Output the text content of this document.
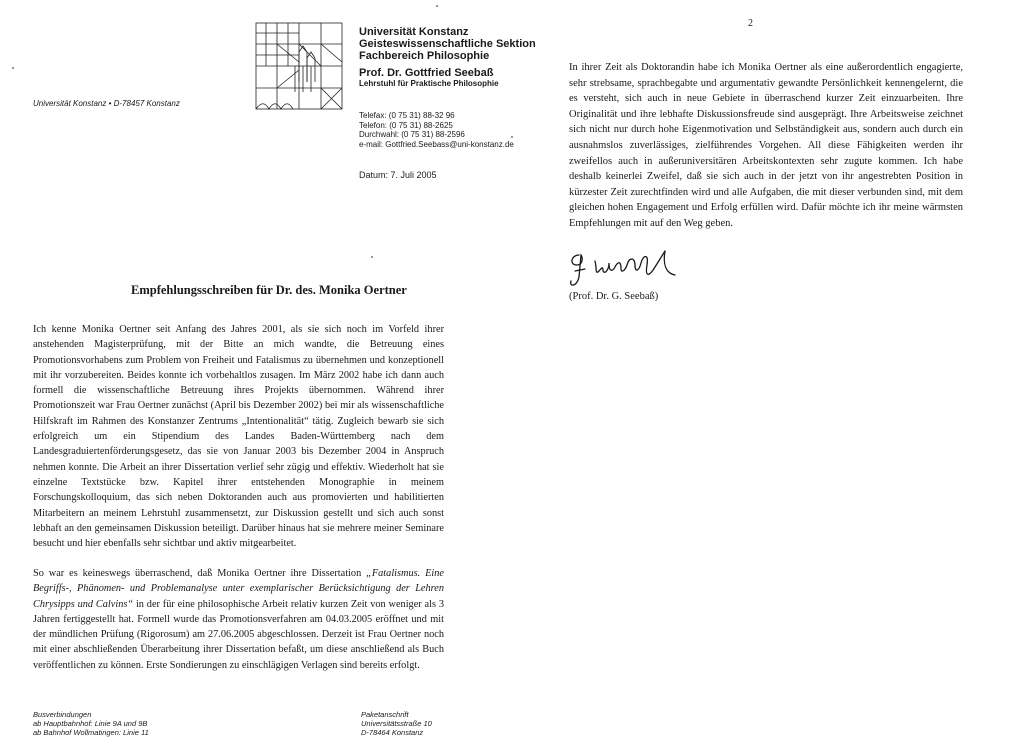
Universität Konstanz • D-78457 Konstanz
Universität Konstanz
Geisteswissenschaftliche Sektion
Fachbereich Philosophie
Prof. Dr. Gottfried Seebaß
Lehrstuhl für Praktische Philosophie
Telefax: (0 75 31) 88-32 96
Telefon: (0 75 31) 88-2625
Durchwahl: (0 75 31) 88-2596
e-mail: Gottfried.Seebass@uni-konstanz.de
Datum: 7. Juli 2005
Empfehlungsschreiben für Dr. des. Monika Oertner
Ich kenne Monika Oertner seit Anfang des Jahres 2001, als sie sich noch im Vorfeld ihrer anstehenden Magisterprüfung, mit der Bitte an mich wandte, die Betreuung eines Promotionsvorhabens zum Problem von Freiheit und Fatalismus zu übernehmen und konzeptionell mit ihr vorzubereiten. Beides konnte ich vorbehaltlos zusagen. Im März 2002 habe ich dann auch formell die wissenschaftliche Betreuung ihres Projekts übernommen. Während ihrer Promotionszeit war Frau Oertner zunächst (April bis Dezember 2002) bei mir als wissenschaftliche Hilfskraft im Rahmen des Konstanzer Zentrums „Intentionalität“ tätig. Zugleich bewarb sie sich erfolgreich um ein Stipendium des Landes Baden-Württemberg nach dem Landesgraduiertenförderungsgesetz, das sie von Januar 2003 bis Dezember 2004 in Anspruch nehmen konnte. Die Arbeit an ihrer Dissertation verlief sehr zügig und effektiv. Wiederholt hat sie einzelne Textstücke bzw. Kapitel ihrer entstehenden Monographie in meinem Forschungskolloquium, das sich neben Doktoranden auch aus promovierten und habilitierten Mitarbeitern an meinem Lehrstuhl zusammensetzt, zur Diskussion gestellt und sich auch sonst lebhaft an den gemeinsamen Diskussion beteiligt. Darüber hinaus hat sie mehrere meiner Seminare besucht und hier ebenfalls sehr sichtbar und aktiv mitgearbeitet.
So war es keineswegs überraschend, daß Monika Oertner ihre Dissertation „Fatalismus. Eine Begriffs-, Phänomen- und Problemanalyse unter exemplarischer Berücksichtigung der Lehren Chrysipps und Calvins“ in der für eine philosophische Arbeit relativ kurzen Zeit von weniger als 3 Jahren fertiggestellt hat. Formell wurde das Promotionsverfahren am 04.03.2005 eröffnet und mit der mündlichen Prüfung (Rigorosum) am 27.06.2005 abgeschlossen. Derzeit ist Frau Oertner noch mit einer abschließenden Überarbeitung ihrer Dissertation befaßt, um diese anschließend als Buch veröffentlichen zu können. Erste Sondierungen zu einschlägigen Verlagen sind bereits erfolgt.
Busverbindungen
ab Hauptbahnhof: Linie 9A und 9B
ab Bahnhof Wollmatingen: Linie 11
Paketanschrift
Universitätsstraße 10
D-78464 Konstanz
2
In ihrer Zeit als Doktorandin habe ich Monika Oertner als eine außerordentlich engagierte, sehr strebsame, sprachbegabte und argumentativ gewandte Persönlichkeit kennengelernt, die es versteht, sich auch in neue Gebiete in überraschend kurzer Zeit einzuarbeiten. Ihre Originalität und ihre lebhafte Diskussionsfreude sind ausgeprägt. Ihre Arbeitsweise zeichnet sich nicht nur durch hohe Eigenmotivation und Selbständigkeit aus, sondern auch durch ein ausnahmslos zuverlässiges, zielführendes Vorgehen. All diese Fähigkeiten werden ihr zweifellos auch in außeruniversitären Arbeitskontexten sehr zugute kommen. Ich habe deshalb keinerlei Zweifel, daß sie sich auch in der jetzt von ihr angestrebten Position in kürzester Zeit zurechtfinden wird und alle Aufgaben, die mit dieser verbunden sind, mit dem gleichen hohen Engagement und Erfolg erfüllen wird. Dafür möchte ich ihr meine wärmsten Empfehlungen mit auf den Weg geben.
(Prof. Dr. G. Seebaß)
